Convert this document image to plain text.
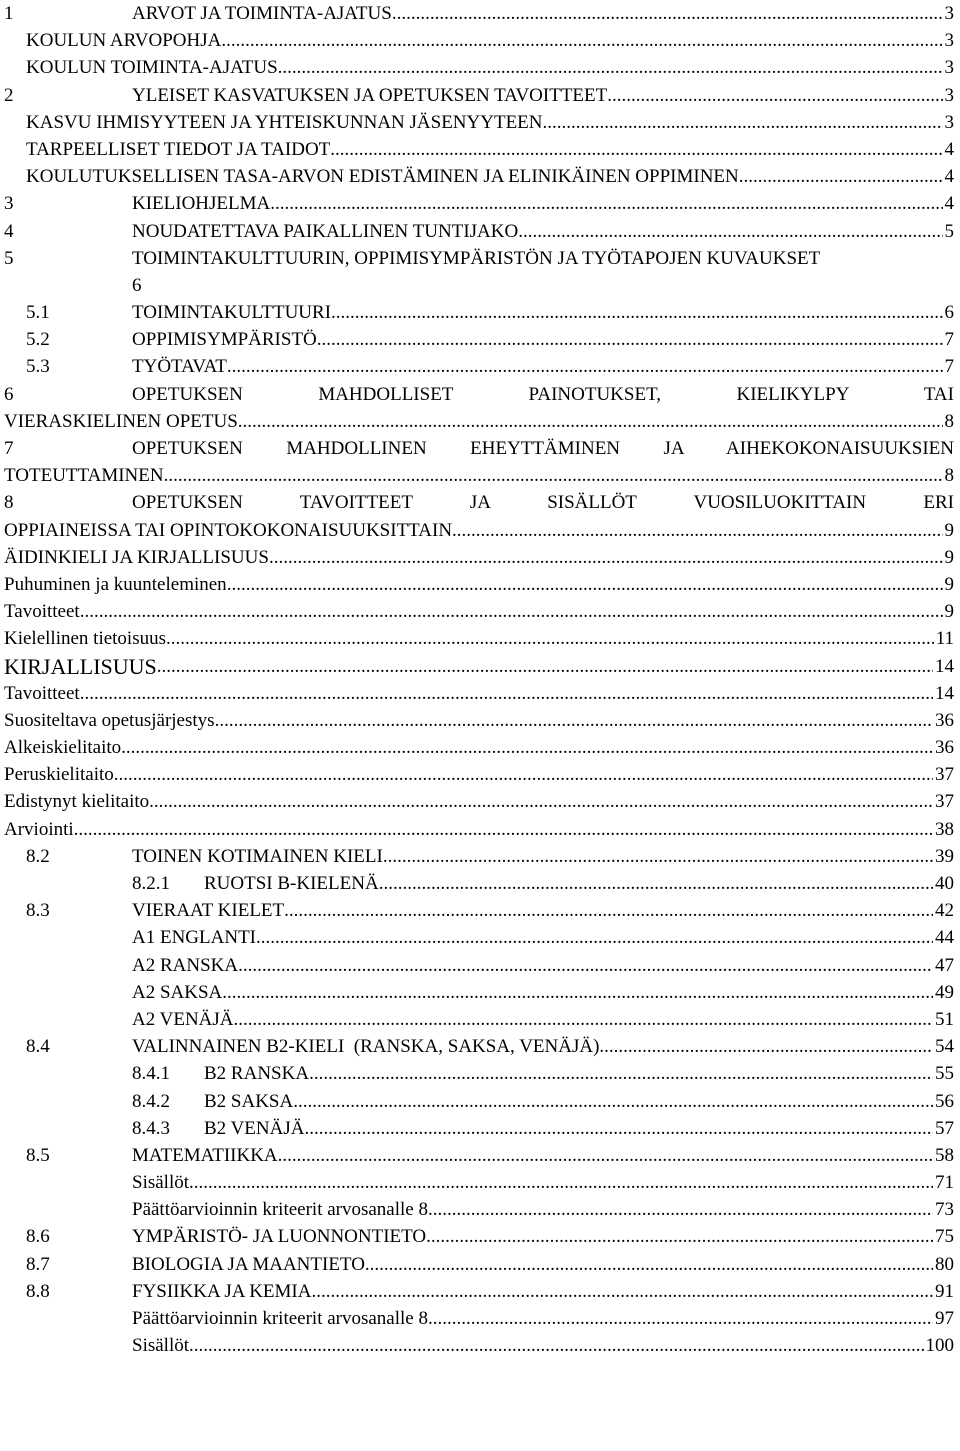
1	ARVOT JA TOIMINTA-AJATUS .....	3
KOULUN ARVOPOHJA .....	3
KOULUN TOIMINTA-AJATUS .....	3
2	YLEISET KASVATUKSEN JA OPETUKSEN TAVOITTEET .....	3
KASVU IHMISYYTEEN JA YHTEISKUNNAN JÄSENYYTEEN .....	3
TARPEELLISET TIEDOT JA TAIDOT .....	4
KOULUTUKSELLISEN TASA-ARVON EDISTÄMINEN JA ELINIKÄINEN OPPIMINEN .....	4
3	KIELIOHJELMA .....	4
4	NOUDATETTAVA PAIKALLINEN TUNTIJAKO .....	5
5	TOIMINTAKULTTUURIN, OPPIMISYMPÄRISTÖN JA TYÖTAPOJEN KUVAUKSET
6
5.1	TOIMINTAKULTTUURI .....	6
5.2	OPPIMISYMPÄRISTÖ .....	7
5.3	TYÖTAVAT .....	7
6	OPETUKSEN MAHDOLLISET PAINOTUKSET, KIELIKYLPY TAI
VIERASKIELINEN OPETUS .....	8
7	OPETUKSEN MAHDOLLINEN EHEYTTÄMINEN JA AIHEKOKONAISUUKSIEN
TOTEUTTAMINEN .....	8
8	OPETUKSEN TAVOITTEET JA SISÄLLÖT VUOSILUOKITTAIN ERI
OPPIAINEISSA TAI OPINTOKOKONAISUUKSITTAIN .....	9
ÄIDINKIELI JA KIRJALLISUUS .....	9
Puhuminen ja kuunteleminen .....	9
Tavoitteet .....	9
Kielellinen tietoisuus .....	11
KIRJALLISUUS .....	14
Tavoitteet .....	14
Suositeltava opetusjärjestys .....	36
Alkeiskielitaito .....	36
Peruskielitaito .....	37
Edistynyt kielitaito .....	37
Arviointi .....	38
8.2	TOINEN KOTIMAINEN KIELI .....	39
8.2.1 RUOTSI B-KIELENÄ .....	40
8.3	VIERAAT KIELET .....	42
A1 ENGLANTI .....	44
A2 RANSKA .....	47
A2 SAKSA .....	49
A2 VENÄJÄ .....	51
8.4	VALINNAINEN B2-KIELI  (RANSKA, SAKSA, VENÄJÄ) .....	54
8.4.1 B2 RANSKA .....	55
8.4.2 B2 SAKSA .....	56
8.4.3 B2 VENÄJÄ .....	57
8.5	MATEMATIIKKA .....	58
Sisällöt .....	71
Päättöarvioinnin kriteerit arvosanalle 8 .....	73
8.6	YMPÄRISTÖ- JA LUONNONTIETO .....	75
8.7	BIOLOGIA JA MAANTIETO .....	80
8.8	FYSIIKKA JA KEMIA .....	91
Päättöarvioinnin kriteerit arvosanalle 8 .....	97
Sisällöt .....	100
